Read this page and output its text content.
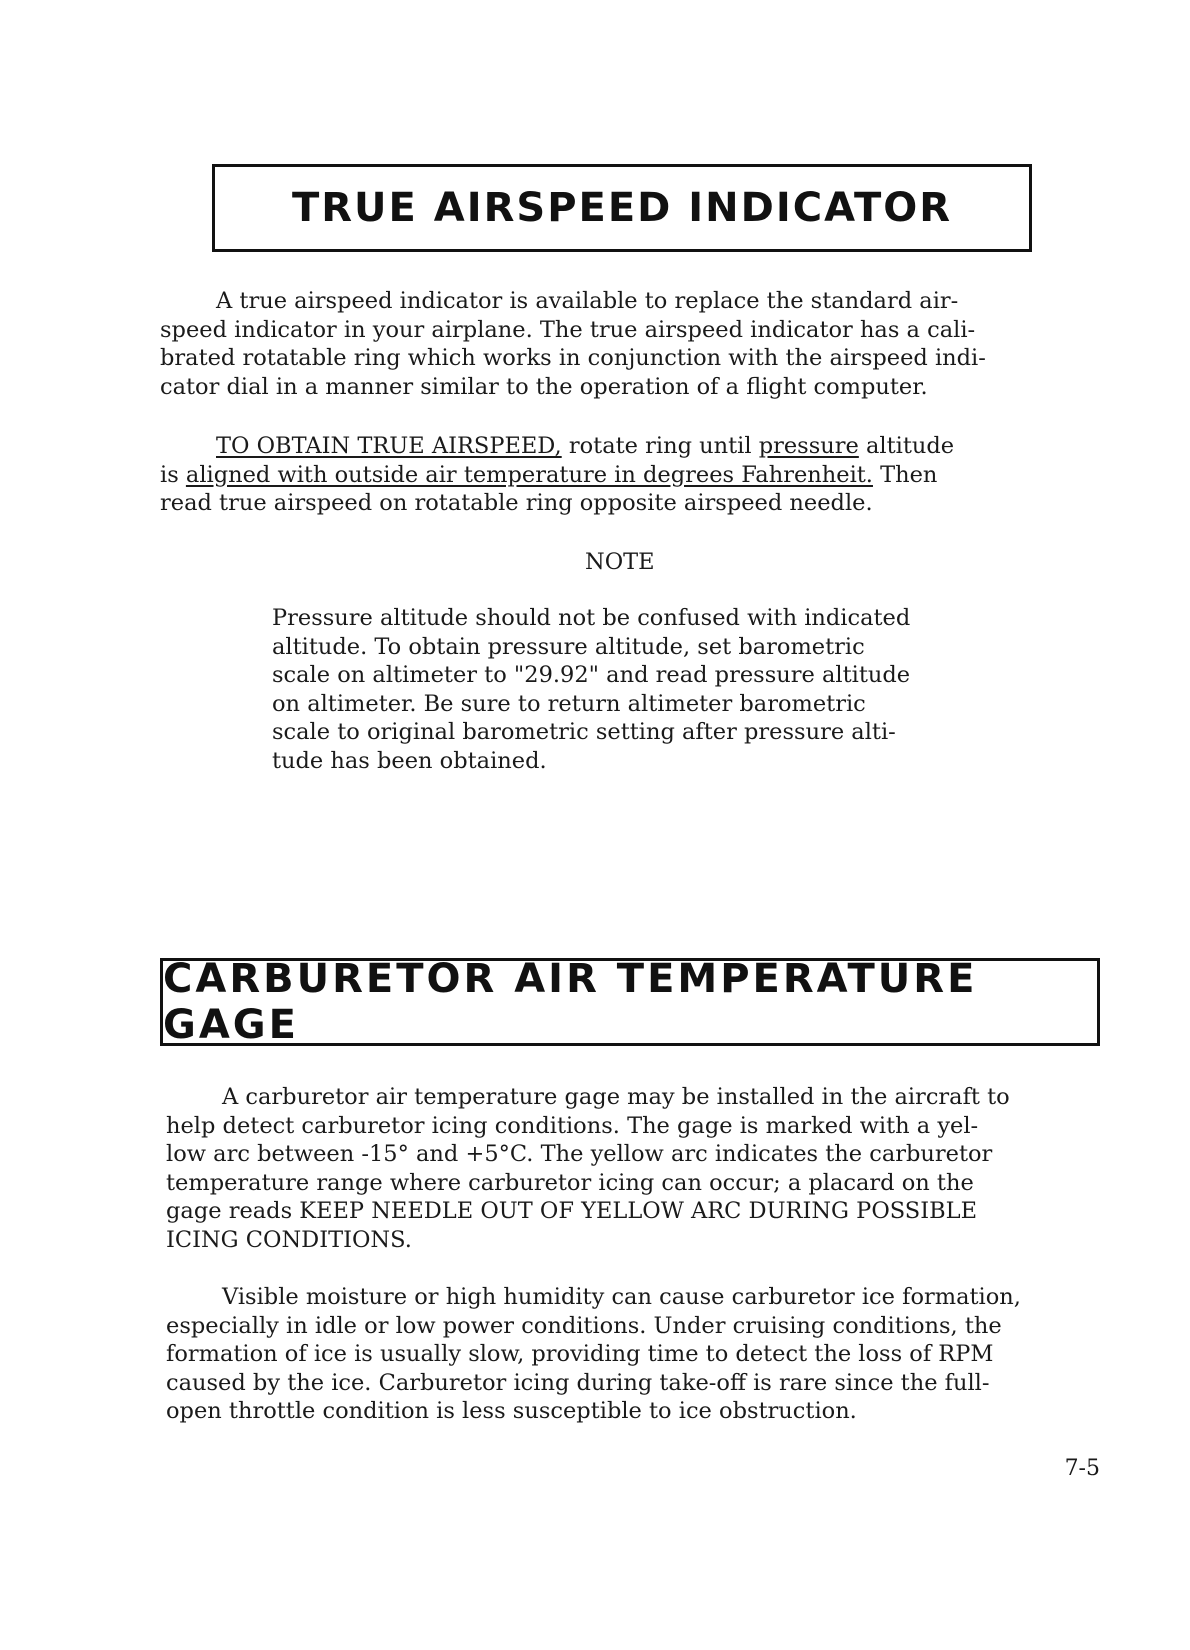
TRUE AIRSPEED INDICATOR
A true airspeed indicator is available to replace the standard air-
speed indicator in your airplane. The true airspeed indicator has a cali-
brated rotatable ring which works in conjunction with the airspeed indi-
cator dial in a manner similar to the operation of a flight computer.
TO OBTAIN TRUE AIRSPEED, rotate ring until pressure altitude
is aligned with outside air temperature in degrees Fahrenheit. Then
read true airspeed on rotatable ring opposite airspeed needle.
NOTE
Pressure altitude should not be confused with indicated
altitude. To obtain pressure altitude, set barometric
scale on altimeter to "29.92" and read pressure altitude
on altimeter. Be sure to return altimeter barometric
scale to original barometric setting after pressure alti-
tude has been obtained.
CARBURETOR AIR TEMPERATURE GAGE
A carburetor air temperature gage may be installed in the aircraft to
help detect carburetor icing conditions. The gage is marked with a yel-
low arc between -15° and +5°C. The yellow arc indicates the carburetor
temperature range where carburetor icing can occur; a placard on the
gage reads KEEP NEEDLE OUT OF YELLOW ARC DURING POSSIBLE
ICING CONDITIONS.
Visible moisture or high humidity can cause carburetor ice formation,
especially in idle or low power conditions. Under cruising conditions, the
formation of ice is usually slow, providing time to detect the loss of RPM
caused by the ice. Carburetor icing during take-off is rare since the full-
open throttle condition is less susceptible to ice obstruction.
7-5
